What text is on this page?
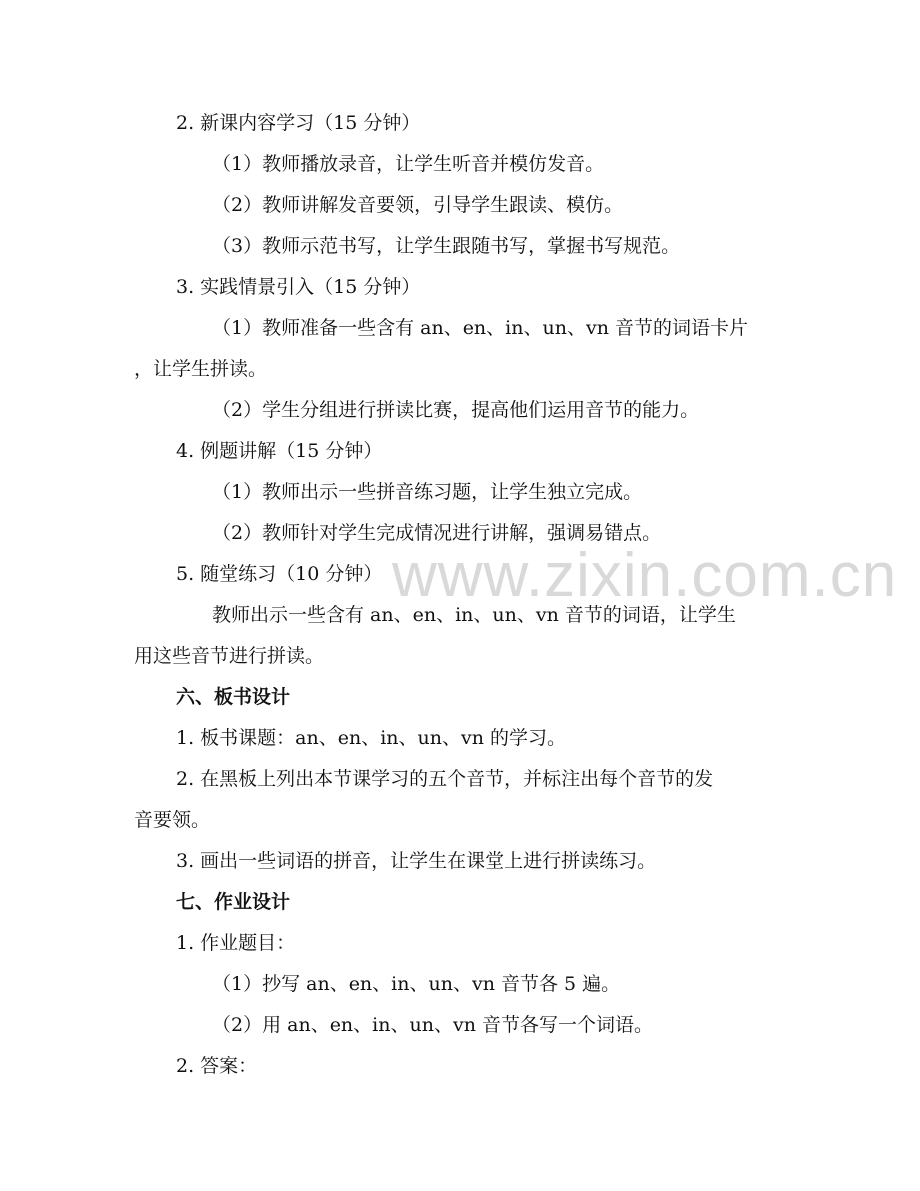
www.zixin.com.cn
2. 新课内容学习（15 分钟）
（1）教师播放录音，让学生听音并模仿发音。
（2）教师讲解发音要领，引导学生跟读、模仿。
（3）教师示范书写，让学生跟随书写，掌握书写规范。
3. 实践情景引入（15 分钟）
（1）教师准备一些含有 an、en、in、un、vn 音节的词语卡片
，让学生拼读。
（2）学生分组进行拼读比赛，提高他们运用音节的能力。
4. 例题讲解（15 分钟）
（1）教师出示一些拼音练习题，让学生独立完成。
（2）教师针对学生完成情况进行讲解，强调易错点。
5. 随堂练习（10 分钟）
教师出示一些含有 an、en、in、un、vn 音节的词语，让学生
用这些音节进行拼读。
六、板书设计
1. 板书课题：an、en、in、un、vn 的学习。
2. 在黑板上列出本节课学习的五个音节，并标注出每个音节的发
音要领。
3. 画出一些词语的拼音，让学生在课堂上进行拼读练习。
七、作业设计
1. 作业题目：
（1）抄写 an、en、in、un、vn 音节各 5 遍。
（2）用 an、en、in、un、vn 音节各写一个词语。
2. 答案：
